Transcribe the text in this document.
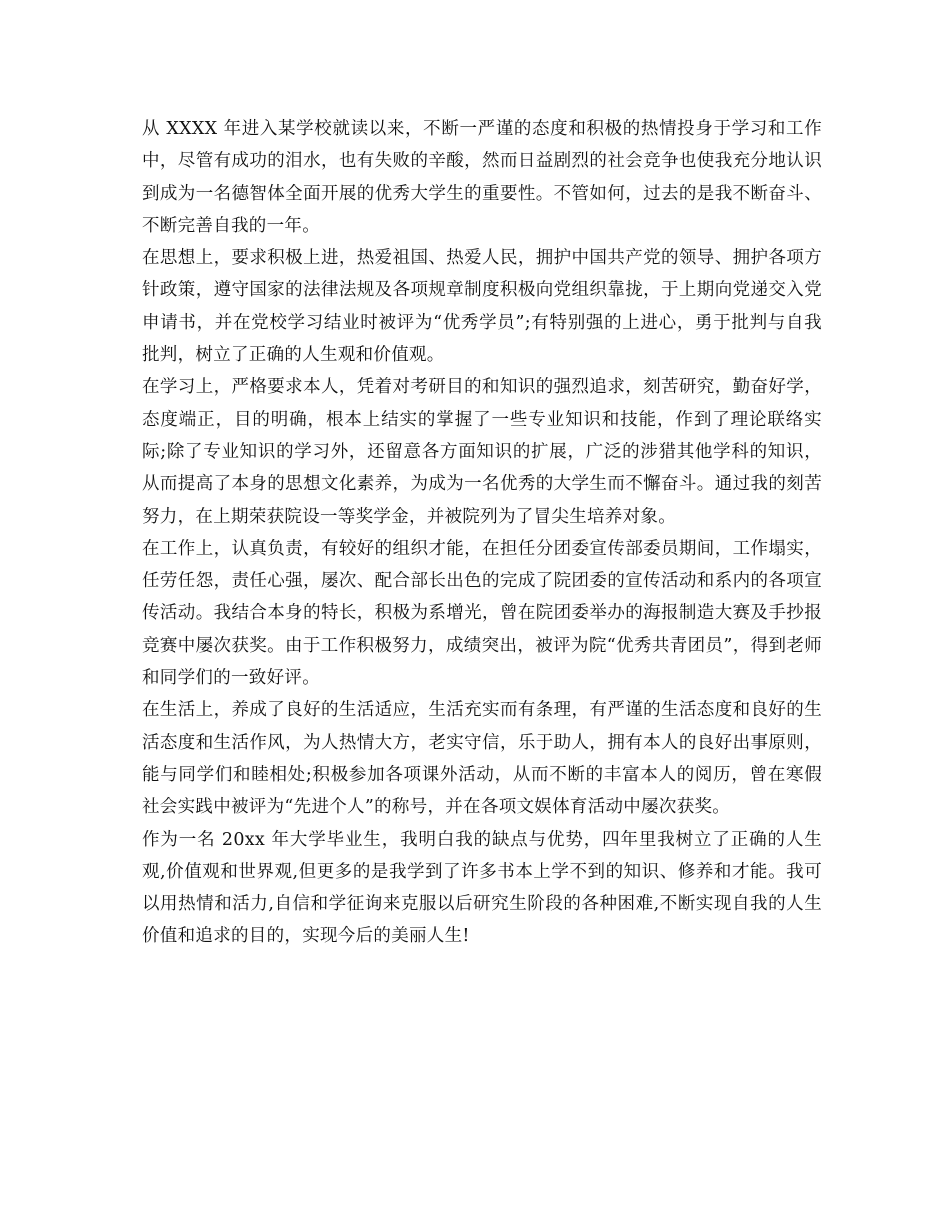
从 XXXX 年进入某学校就读以来，不断一严谨的态度和积极的热情投身于学习和工作中，尽管有成功的泪水，也有失败的辛酸，然而日益剧烈的社会竞争也使我充分地认识到成为一名德智体全面开展的优秀大学生的重要性。不管如何，过去的是我不断奋斗、不断完善自我的一年。

在思想上，要求积极上进，热爱祖国、热爱人民，拥护中国共产党的领导、拥护各项方针政策，遵守国家的法律法规及各项规章制度积极向党组织靠拢，于上期向党递交入党申请书，并在党校学习结业时被评为“优秀学员”;有特别强的上进心，勇于批判与自我批判，树立了正确的人生观和价值观。

在学习上，严格要求本人，凭着对考研目的和知识的强烈追求，刻苦研究，勤奋好学，态度端正，目的明确，根本上结实的掌握了一些专业知识和技能，作到了理论联络实际;除了专业知识的学习外，还留意各方面知识的扩展，广泛的涉猎其他学科的知识，从而提高了本身的思想文化素养，为成为一名优秀的大学生而不懈奋斗。通过我的刻苦努力，在上期荣获院设一等奖学金，并被院列为了冒尖生培养对象。

在工作上，认真负责，有较好的组织才能，在担任分团委宣传部委员期间，工作塌实，任劳任怨，责任心强，屡次、配合部长出色的完成了院团委的宣传活动和系内的各项宣传活动。我结合本身的特长，积极为系增光，曾在院团委举办的海报制造大赛及手抄报竞赛中屡次获奖。由于工作积极努力，成绩突出，被评为院“优秀共青团员”，得到老师和同学们的一致好评。

在生活上，养成了良好的生活适应，生活充实而有条理，有严谨的生活态度和良好的生活态度和生活作风，为人热情大方，老实守信，乐于助人，拥有本人的良好出事原则，能与同学们和睦相处;积极参加各项课外活动，从而不断的丰富本人的阅历，曾在寒假社会实践中被评为“先进个人”的称号，并在各项文娱体育活动中屡次获奖。

作为一名 20xx 年大学毕业生，我明白我的缺点与优势，四年里我树立了正确的人生观,价值观和世界观,但更多的是我学到了许多书本上学不到的知识、修养和才能。我可以用热情和活力,自信和学征询来克服以后研究生阶段的各种困难,不断实现自我的人生价值和追求的目的，实现今后的美丽人生!
